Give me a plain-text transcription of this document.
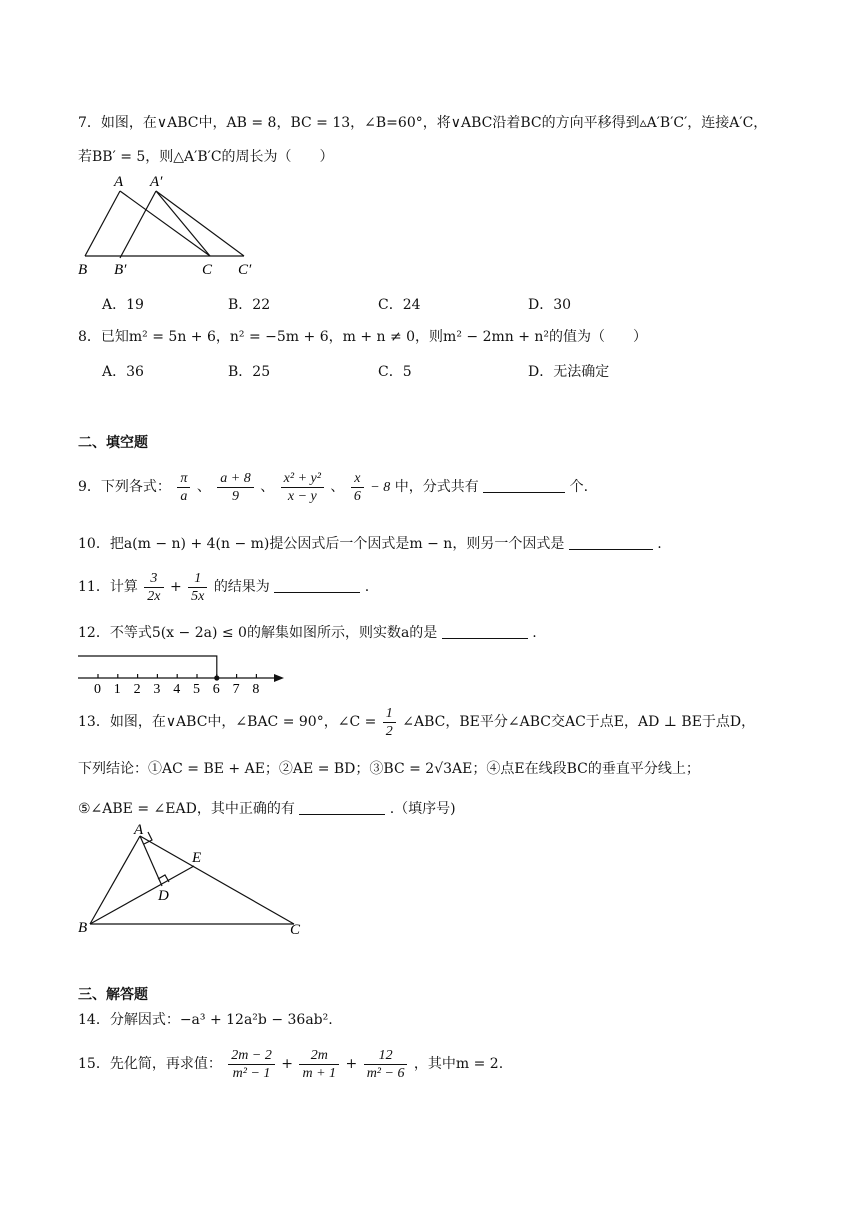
7．如图，在∨ABC中，AB = 8，BC = 13，∠B=60°，将∨ABC沿着BC的方向平移得到▵A′B′C′，连接A′C，
若BB′ = 5，则△A′B′C的周长为（　　）
A A′
B B′	C C′
A．19	B．22	C．24	D．30
8．已知m² = 5n + 6，n² = −5m + 6，m + n ≠ 0，则m² − 2mn + n²的值为（　　）
A．36	B．25	C．5	D．无法确定
二、填空题
9．下列各式： $\frac{\pi}{a}$ 、 $\frac{a + 8}{9}$ 、 $\frac{\text{x² + y²}}{x - y}$ 、 $\frac{x}{6} - 8$ 中，分式共有	个.
10．把a(m − n) + 4(n − m)提公因式后一个因式是m − n，则另一个因式是	.
11．计算 $\frac{3}{2x} + \frac{1}{5x}$ 的结果为	.
12．不等式5(x − 2a) ≤ 0的解集如图所示，则实数a的是	.
0 1 2 3 4 5 6 7 8
13．如图，在∨ABC中，∠BAC = 90°，∠C = $\frac{1}{2}$ ∠ABC，BE平分∠ABC交AC于点E，AD ⊥ BE于点D，
下列结论：①AC = BE + AE；②AE = BD；③BC = 2√3AE；④点E在线段BC的垂直平分线上；
⑤∠ABE = ∠EAD，其中正确的有	.（填序号)
A
B	C
D
E
三、解答题
14．分解因式：−a³ + 12a²b − 36ab².
15．先化简，再求值： $\frac{2m - 2}{\text{m² − 1}} + \frac{2m}{m + 1} + \frac{12}{\text{m² − 6}}$ ，其中m = 2.
